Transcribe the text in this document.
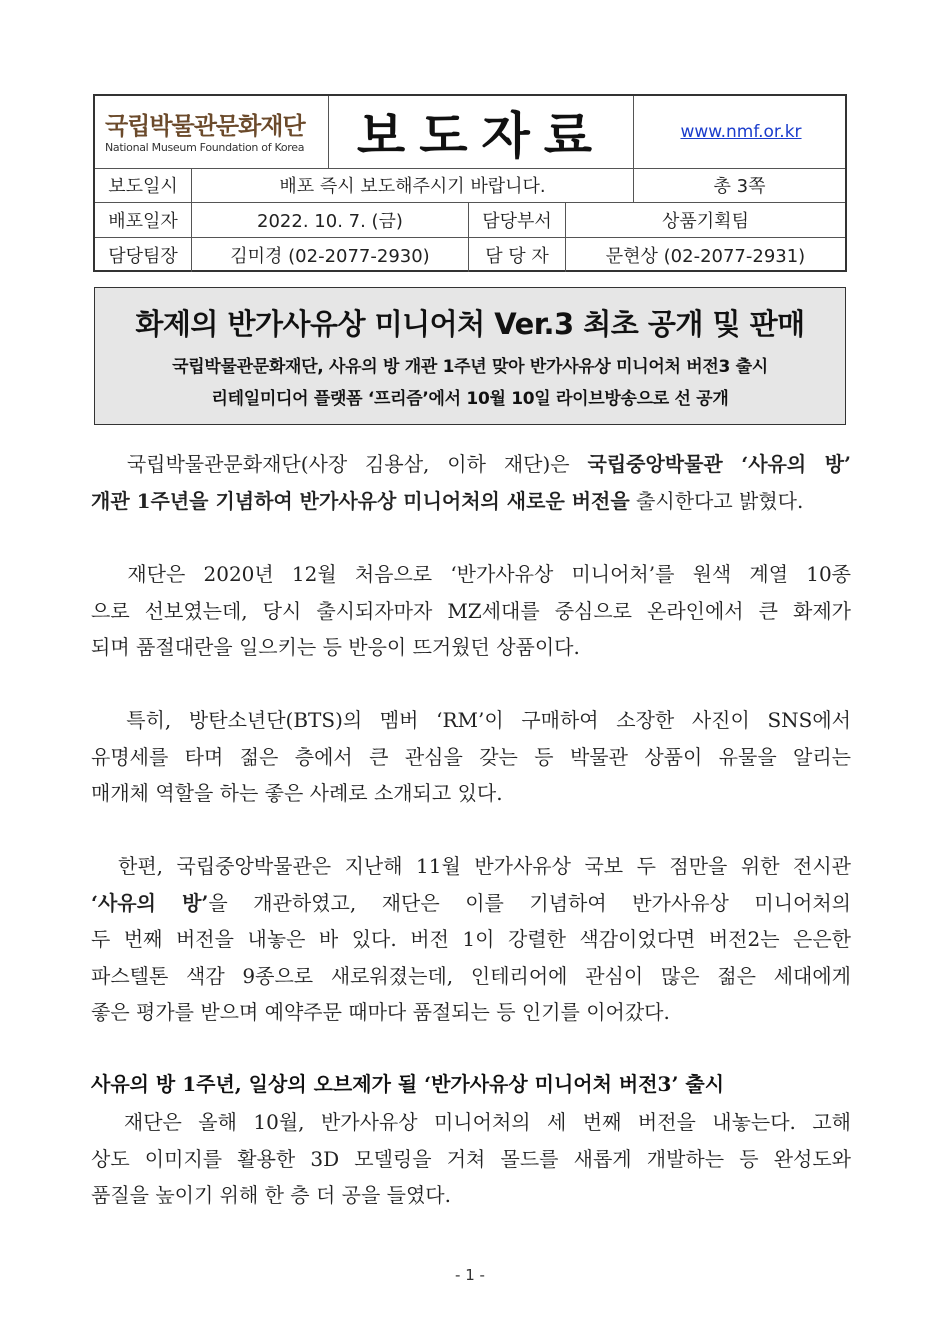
국립박물관문화재단
National Museum Foundation of Korea	보도자료	www.nmf.or.kr
보도일시	배포 즉시 보도해주시기 바랍니다.	총 3쪽
배포일자	2022. 10. 7. (금)	담당부서	상품기획팀
담당팀장	김미경 (02-2077-2930)	담 당 자	문현상 (02-2077-2931)
화제의 반가사유상 미니어처 Ver.3 최초 공개 및 판매
국립박물관문화재단, 사유의 방 개관 1주년 맞아 반가사유상 미니어처 버전3 출시
리테일미디어 플랫폼 ‘프리즘’에서 10월 10일 라이브방송으로 선 공개
국립박물관문화재단(사장 김용삼, 이하 재단)은 국립중앙박물관 ‘사유의 방’
개관 1주년을 기념하여 반가사유상 미니어처의 새로운 버전을 출시한다고 밝혔다.
재단은 2020년 12월 처음으로 ‘반가사유상 미니어처’를 원색 계열 10종
으로 선보였는데, 당시 출시되자마자 MZ세대를 중심으로 온라인에서 큰 화제가
되며 품절대란을 일으키는 등 반응이 뜨거웠던 상품이다.
특히, 방탄소년단(BTS)의 멤버 ‘RM’이 구매하여 소장한 사진이 SNS에서
유명세를 타며 젊은 층에서 큰 관심을 갖는 등 박물관 상품이 유물을 알리는
매개체 역할을 하는 좋은 사례로 소개되고 있다.
한편, 국립중앙박물관은 지난해 11월 반가사유상 국보 두 점만을 위한 전시관
‘사유의 방’을 개관하였고, 재단은 이를 기념하여 반가사유상 미니어처의
두 번째 버전을 내놓은 바 있다. 버전 1이 강렬한 색감이었다면 버전2는 은은한
파스텔톤 색감 9종으로 새로워졌는데, 인테리어에 관심이 많은 젊은 세대에게
좋은 평가를 받으며 예약주문 때마다 품절되는 등 인기를 이어갔다.
사유의 방 1주년, 일상의 오브제가 될 ‘반가사유상 미니어처 버전3’ 출시
재단은 올해 10월, 반가사유상 미니어처의 세 번째 버전을 내놓는다. 고해
상도 이미지를 활용한 3D 모델링을 거쳐 몰드를 새롭게 개발하는 등 완성도와
품질을 높이기 위해 한 층 더 공을 들였다.
- 1 -
